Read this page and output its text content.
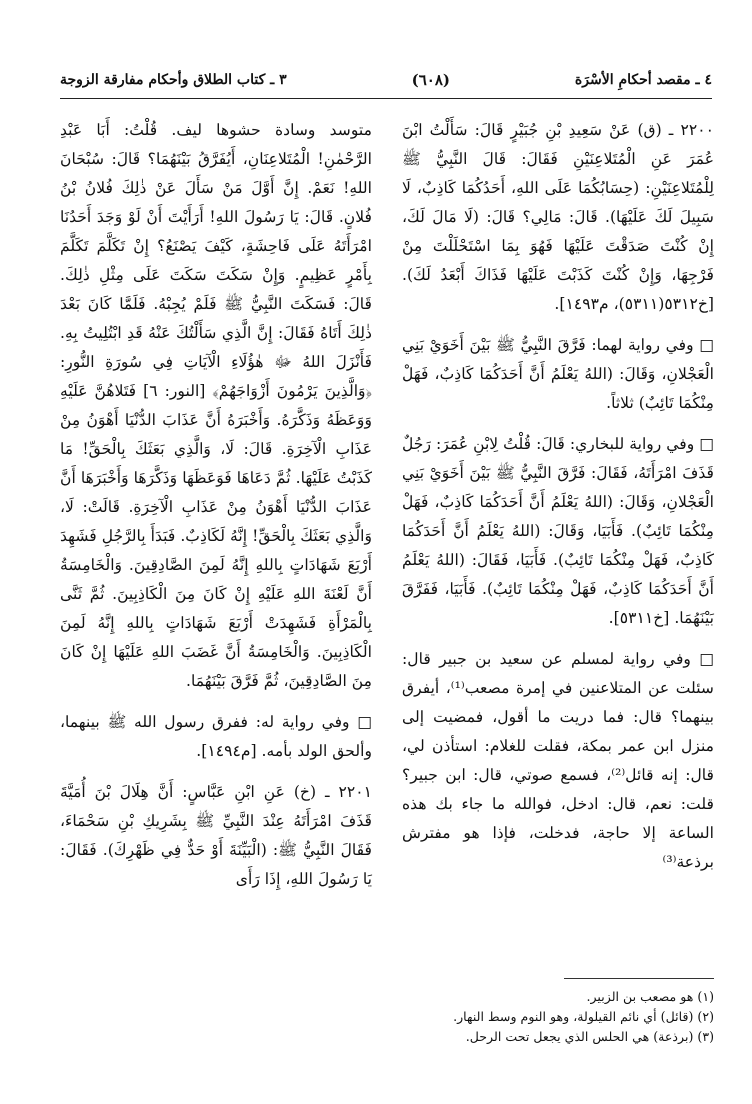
٤ ـ مقصد أحكامِ الأسْرَة
(٦٠٨)
٣ ـ كتاب الطلاق وأحكام مفارقة الزوجة

٢٢٠٠ ـ (ق) عَنْ سَعِيدِ بْنِ جُبَيْرٍ قَالَ: سَأَلْتُ ابْنَ عُمَرَ عَنِ الْمُتَلاعِنَيْنِ فَقَالَ: قَالَ النَّبِيُّ ﷺ لِلْمُتَلاعِنَيْنِ: (حِسَابُكُمَا عَلَى اللهِ، أَحَدُكُمَا كَاذِبٌ، لَا سَبِيلَ لَكَ عَلَيْهَا). قَالَ: مَالِي؟ قَالَ: (لَا مَالَ لَكَ، إِنْ كُنْتَ صَدَقْتَ عَلَيْهَا فَهُوَ بِمَا اسْتَحْلَلْتَ مِنْ فَرْجِهَا، وَإِنْ كُنْتَ كَذَبْتَ عَلَيْهَا فَذَاكَ أَبْعَدُ لَكَ). [خ٥٣١٢(٥٣١١)، م١٤٩٣].

□ وفي رواية لهما: فَرَّقَ النَّبِيُّ ﷺ بَيْنَ أَخَوَيْ بَنِي الْعَجْلانِ، وَقَالَ: (اللهُ يَعْلَمُ أَنَّ أَحَدَكُمَا كَاذِبٌ، فَهَلْ مِنْكُمَا تَائِبٌ) ثلاثاً.

□ وفي رواية للبخاري: قَالَ: قُلْتُ لِابْنِ عُمَرَ: رَجُلٌ قَذَفَ امْرَأَتَهُ، فَقَالَ: فَرَّقَ النَّبِيُّ ﷺ بَيْنَ أَخَوَيْ بَنِي الْعَجْلانِ، وَقَالَ: (اللهُ يَعْلَمُ أَنَّ أَحَدَكُمَا كَاذِبٌ، فَهَلْ مِنْكُمَا تَائِبٌ). فَأَبَيَا، وَقَالَ: (اللهُ يَعْلَمُ أَنَّ أَحَدَكُمَا كَاذِبٌ، فَهَلْ مِنْكُمَا تَائِبٌ). فَأَبَيَا، فَقَالَ: (اللهُ يَعْلَمُ أَنَّ أَحَدَكُمَا كَاذِبٌ، فَهَلْ مِنْكُمَا تَائِبٌ). فَأَبَيَا، فَفَرَّقَ بَيْنَهُمَا. [خ٥٣١١].

□ وفي رواية لمسلم عن سعيد بن جبير قال: سئلت عن المتلاعنين في إمرة مصعب⁽¹⁾، أيفرق بينهما؟ قال: فما دريت ما أقول، فمضيت إلى منزل ابن عمر بمكة، فقلت للغلام: استأذن لي، قال: إنه قائل⁽²⁾، فسمع صوتي، قال: ابن جبير؟ قلت: نعم، قال: ادخل، فوالله ما جاء بك هذه الساعة إلا حاجة، فدخلت، فإذا هو مفترش برذعة⁽³⁾

متوسد وسادة حشوها ليف. قُلْتُ: أَبَا عَبْدِ الرَّحْمٰنِ! الْمُتَلاعِنَانِ، أَيُفَرَّقُ بَيْنَهُمَا؟ قَالَ: سُبْحَانَ اللهِ! نَعَمْ. إِنَّ أَوَّلَ مَنْ سَأَلَ عَنْ ذٰلِكَ فُلانُ بْنُ فُلانٍ. قَالَ: يَا رَسُولَ اللهِ! أَرَأَيْتَ أَنْ لَوْ وَجَدَ أَحَدُنَا امْرَأَتَهُ عَلَى فَاحِشَةٍ، كَيْفَ يَصْنَعُ؟ إِنْ تَكَلَّمَ تَكَلَّمَ بِأَمْرٍ عَظِيمٍ. وَإِنْ سَكَتَ سَكَتَ عَلَى مِثْلِ ذٰلِكَ. قَالَ: فَسَكَتَ النَّبِيُّ ﷺ فَلَمْ يُجِبْهُ. فَلَمَّا كَانَ بَعْدَ ذٰلِكَ أَتَاهُ فَقَالَ: إِنَّ الَّذِي سَأَلْتُكَ عَنْهُ قَدِ ابْتُلِيتُ بِهِ. فَأَنْزَلَ اللهُ ﷻ هٰؤُلَاءِ الْآيَاتِ فِي سُورَةِ النُّورِ: ﴿وَالَّذِينَ يَرْمُونَ أَزْوَاجَهُمْ﴾ [النور: ٦] فَتَلاهُنَّ عَلَيْهِ وَوَعَظَهُ وَذَكَّرَهُ. وَأَخْبَرَهُ أَنَّ عَذَابَ الدُّنْيَا أَهْوَنُ مِنْ عَذَابِ الْآخِرَةِ. قَالَ: لَا، وَالَّذِي بَعَثَكَ بِالْحَقِّ! مَا كَذَبْتُ عَلَيْهَا. ثُمَّ دَعَاهَا فَوَعَظَهَا وَذَكَّرَهَا وَأَخْبَرَهَا أَنَّ عَذَابَ الدُّنْيَا أَهْوَنُ مِنْ عَذَابِ الْآخِرَةِ. قَالَتْ: لَا، وَالَّذِي بَعَثَكَ بِالْحَقِّ! إِنَّهُ لَكَاذِبٌ. فَبَدَأَ بِالرَّجُلِ فَشَهِدَ أَرْبَعَ شَهَادَاتٍ بِاللهِ إِنَّهُ لَمِنَ الصَّادِقِينَ. وَالْخَامِسَةُ أَنَّ لَعْنَةَ اللهِ عَلَيْهِ إِنْ كَانَ مِنَ الْكَاذِبِينَ. ثُمَّ ثَنَّى بِالْمَرْأَةِ فَشَهِدَتْ أَرْبَعَ شَهَادَاتٍ بِاللهِ إِنَّهُ لَمِنَ الْكَاذِبِينَ. وَالْخَامِسَةُ أَنَّ غَضَبَ اللهِ عَلَيْهَا إِنْ كَانَ مِنَ الصَّادِقِينَ، ثُمَّ فَرَّقَ بَيْنَهُمَا.

□ وفي رواية له: ففرق رسول الله ﷺ بينهما، وألحق الولد بأمه. [م١٤٩٤].

٢٢٠١ ـ (خ) عَنِ ابْنِ عَبَّاسٍ: أَنَّ هِلَالَ بْنَ أُمَيَّةَ قَذَفَ امْرَأَتَهُ عِنْدَ النَّبِيِّ ﷺ بِشَرِيكِ بْنِ سَحْمَاءَ، فَقَالَ النَّبِيُّ ﷺ: (الْبَيِّنَةَ أَوْ حَدٌّ فِي ظَهْرِكَ). فَقَالَ: يَا رَسُولَ اللهِ، إِذَا رَأَى

(١) هو مصعب بن الزبير.

(٢) (قائل) أي نائم القيلولة، وهو النوم وسط النهار.

(٣) (برذعة) هي الحلس الذي يجعل تحت الرحل.
